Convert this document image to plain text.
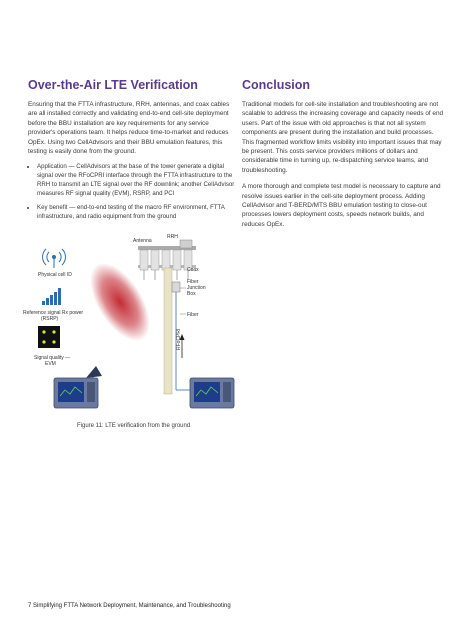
Over-the-Air LTE Verification

Ensuring that the FTTA infrastructure, RRH, antennas, and coax cables are all installed correctly and validating end-to-end cell-site deployment before the BBU installation are key requirements for any service provider's operations team. It helps reduce time-to-market and reduces OpEx. Using two CellAdvisors and their BBU emulation features, this testing is easily done from the ground.

• Application — CellAdvisors at the base of the tower generate a digital signal over the RFoCPRI interface through the FTTA infrastructure to the RRH to transmit an LTE signal over the RF downlink; another CellAdvisor measures RF signal quality (EVM), RSRP, and PCI
• Key benefit — end-to-end testing of the macro RF environment, FTTA infrastructure, and radio equipment from the ground
Conclusion

Traditional models for cell-site installation and troubleshooting are not scalable to address the increasing coverage and capacity needs of end users. Part of the issue with old approaches is that not all system components are present during the installation and build processes. This fragmented workflow limits visibility into important issues that may be present. This costs service providers millions of dollars and considerable time in turning up, re-dispatching service teams, and troubleshooting.

A more thorough and complete test model is necessary to capture and resolve issues earlier in the cell-site deployment process. Adding CellAdvisor and T-BERD/MTS BBU emulation testing to close-out processes lowers deployment costs, speeds network builds, and reduces OpEx.

Antenna
RRH
Coax
Fiber
Junction
Box
Fiber
RFoCPRI
Physical cell ID
Reference signal Rx power
(RSRP)
Signal quality —
EVM
Figure 11: LTE verification from the ground
7 Simplifying FTTA Network Deployment, Maintenance, and Troubleshooting
